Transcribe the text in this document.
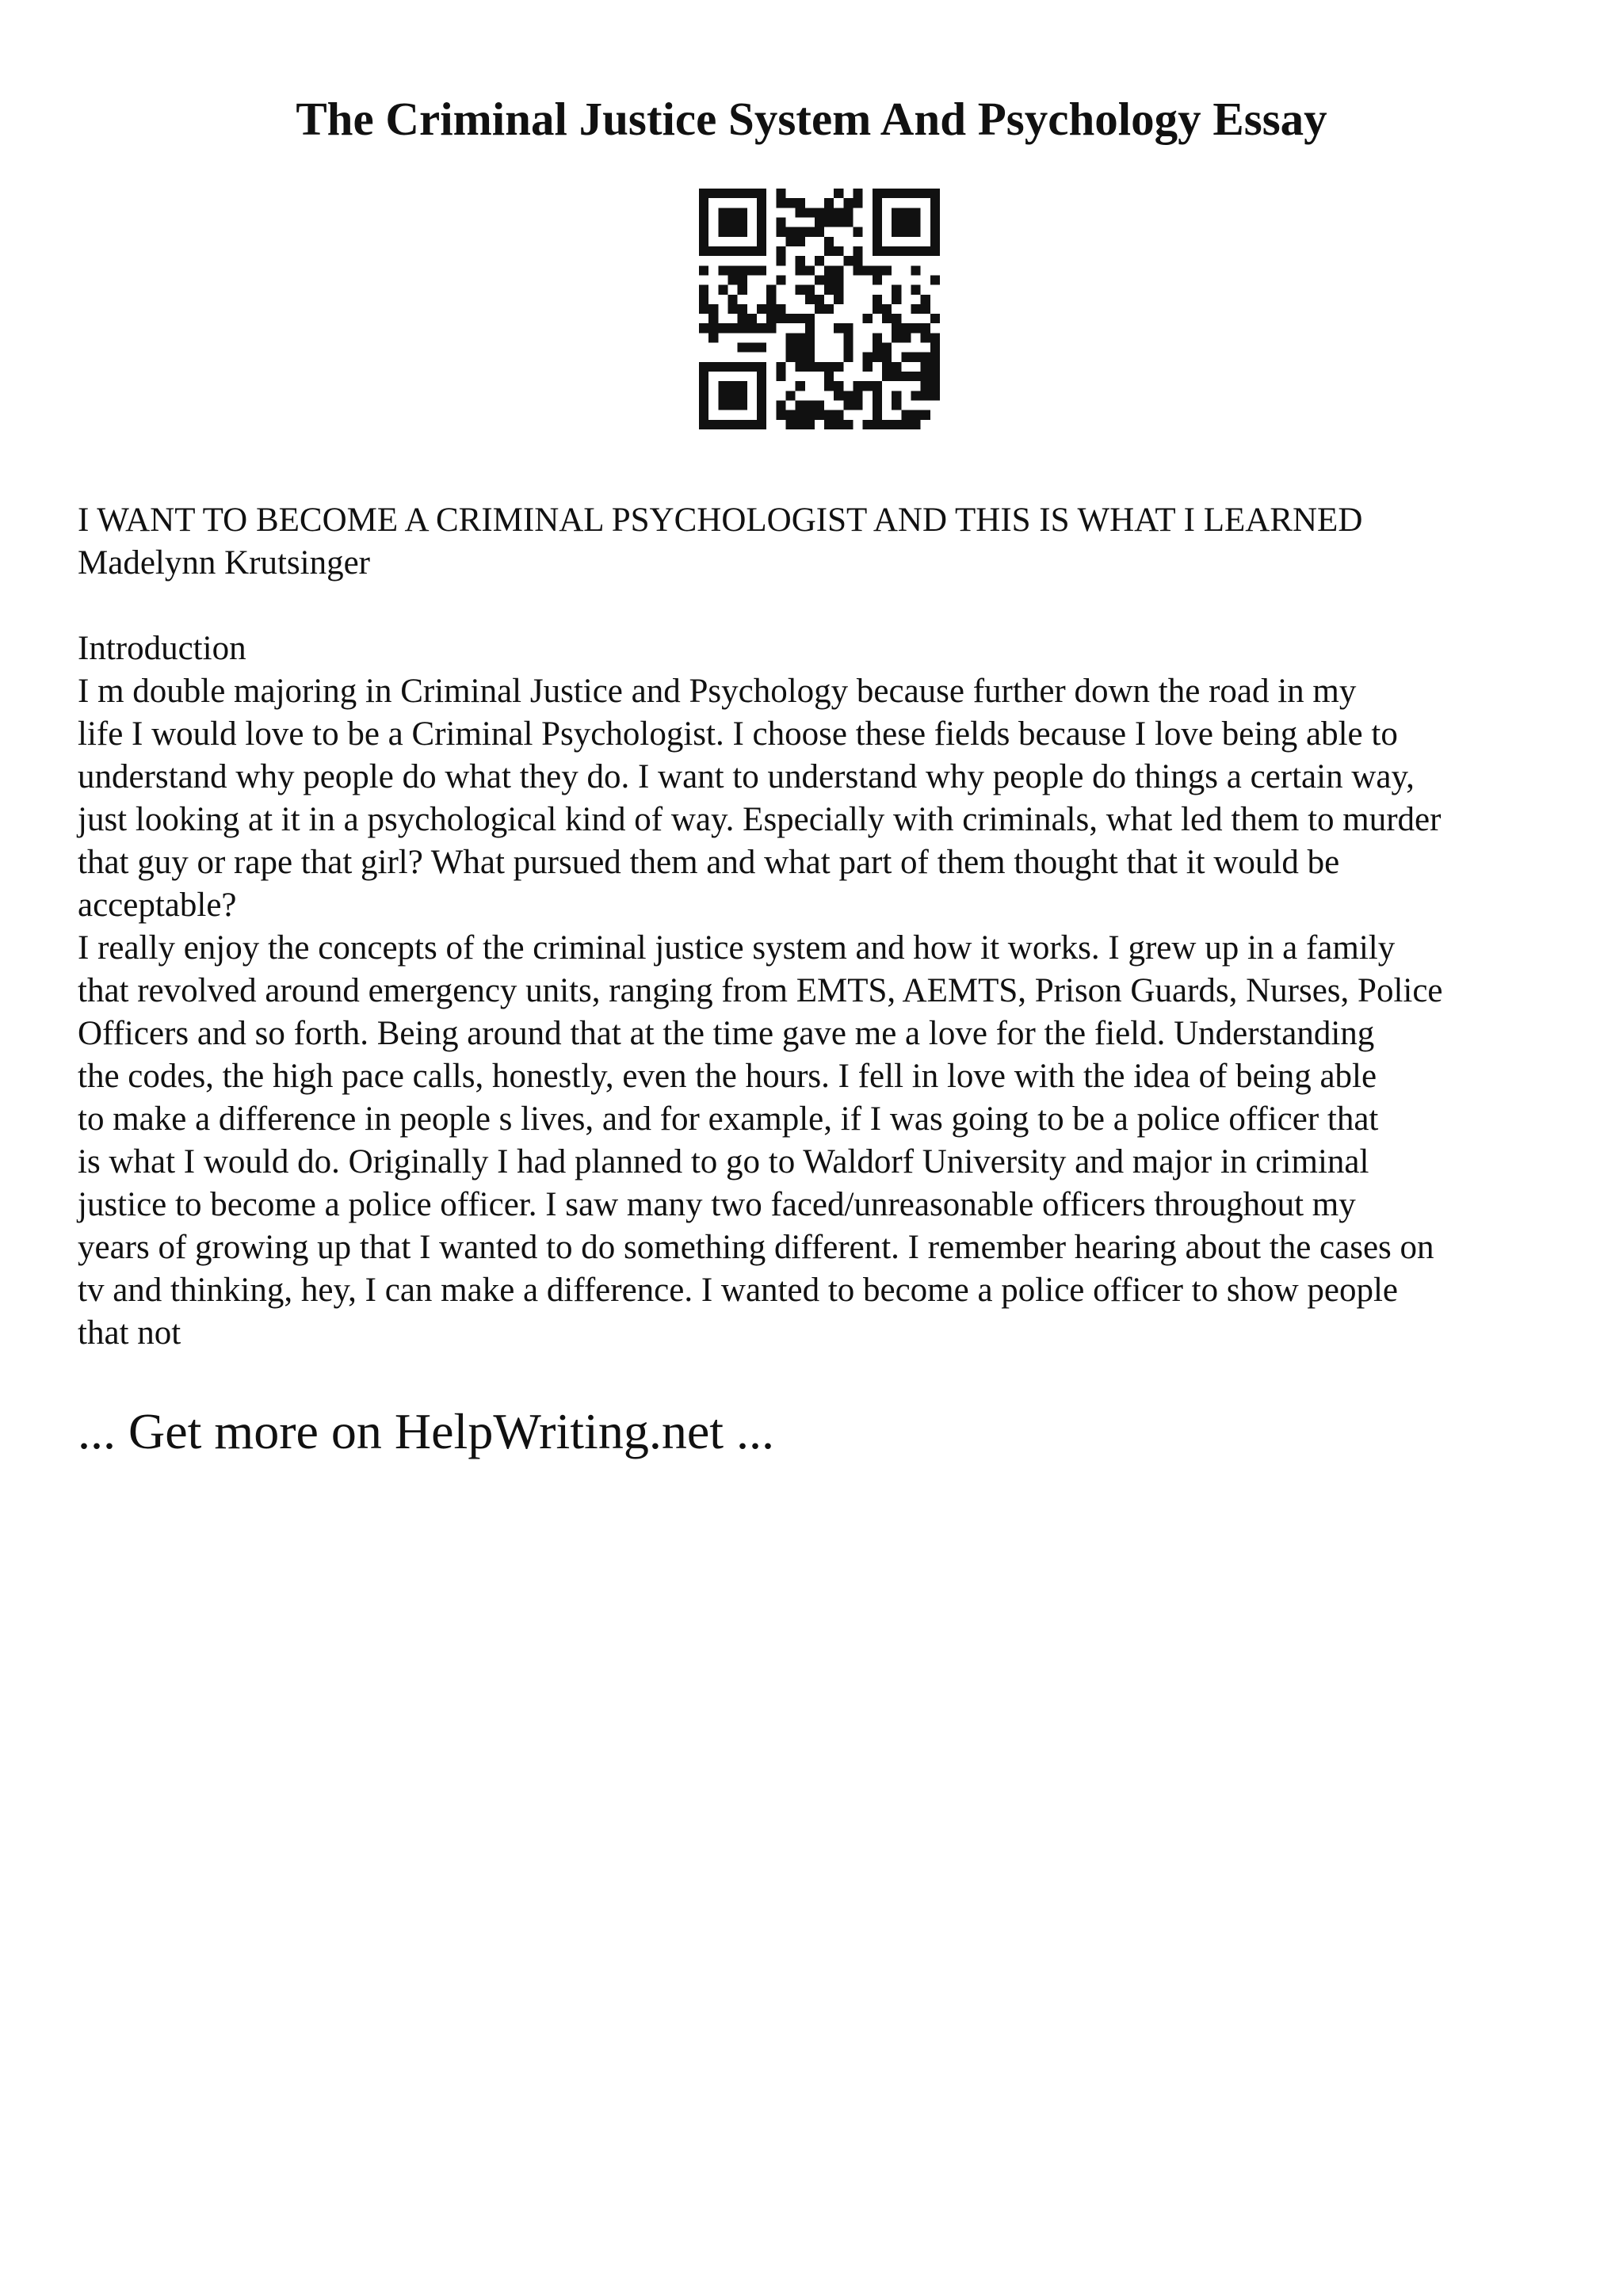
The Criminal Justice System And Psychology Essay
I WANT TO BECOME A CRIMINAL PSYCHOLOGIST AND THIS IS WHAT I LEARNED
Madelynn Krutsinger
Introduction
I m double majoring in Criminal Justice and Psychology because further down the road in my
life I would love to be a Criminal Psychologist. I choose these fields because I love being able to
understand why people do what they do. I want to understand why people do things a certain way,
just looking at it in a psychological kind of way. Especially with criminals, what led them to murder
that guy or rape that girl? What pursued them and what part of them thought that it would be
acceptable?
I really enjoy the concepts of the criminal justice system and how it works. I grew up in a family
that revolved around emergency units, ranging from EMTS, AEMTS, Prison Guards, Nurses, Police
Officers and so forth. Being around that at the time gave me a love for the field. Understanding
the codes, the high pace calls, honestly, even the hours. I fell in love with the idea of being able
to make a difference in people s lives, and for example, if I was going to be a police officer that
is what I would do. Originally I had planned to go to Waldorf University and major in criminal
justice to become a police officer. I saw many two faced/unreasonable officers throughout my
years of growing up that I wanted to do something different. I remember hearing about the cases on
tv and thinking, hey, I can make a difference. I wanted to become a police officer to show people
that not
... Get more on HelpWriting.net ...
